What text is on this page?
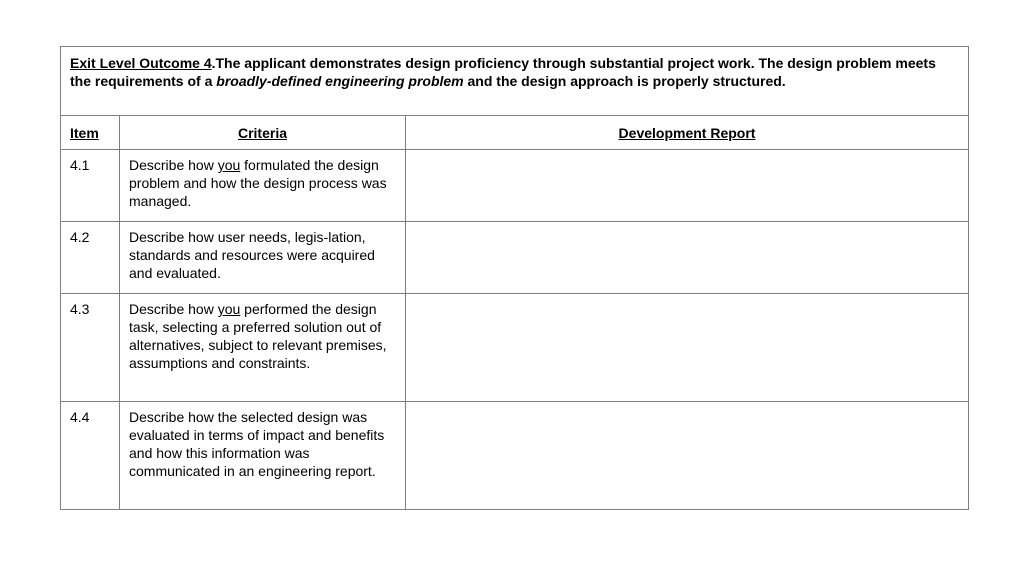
Exit Level Outcome 4.The applicant demonstrates design proficiency through substantial project work. The design problem meets the requirements of a broadly-defined engineering problem and the design approach is properly structured.		
Item	Criteria	Development Report
4.1	Describe how you formulated the design problem and how the design process was managed.	
4.2	Describe how user needs, legis-lation, standards and resources were acquired and evaluated.	
4.3	Describe how you performed the design task, selecting a preferred solution out of alternatives, subject to relevant premises, assumptions and constraints.	
4.4	Describe how the selected design was evaluated in terms of impact and benefits and how this information was communicated in an engineering report.	
